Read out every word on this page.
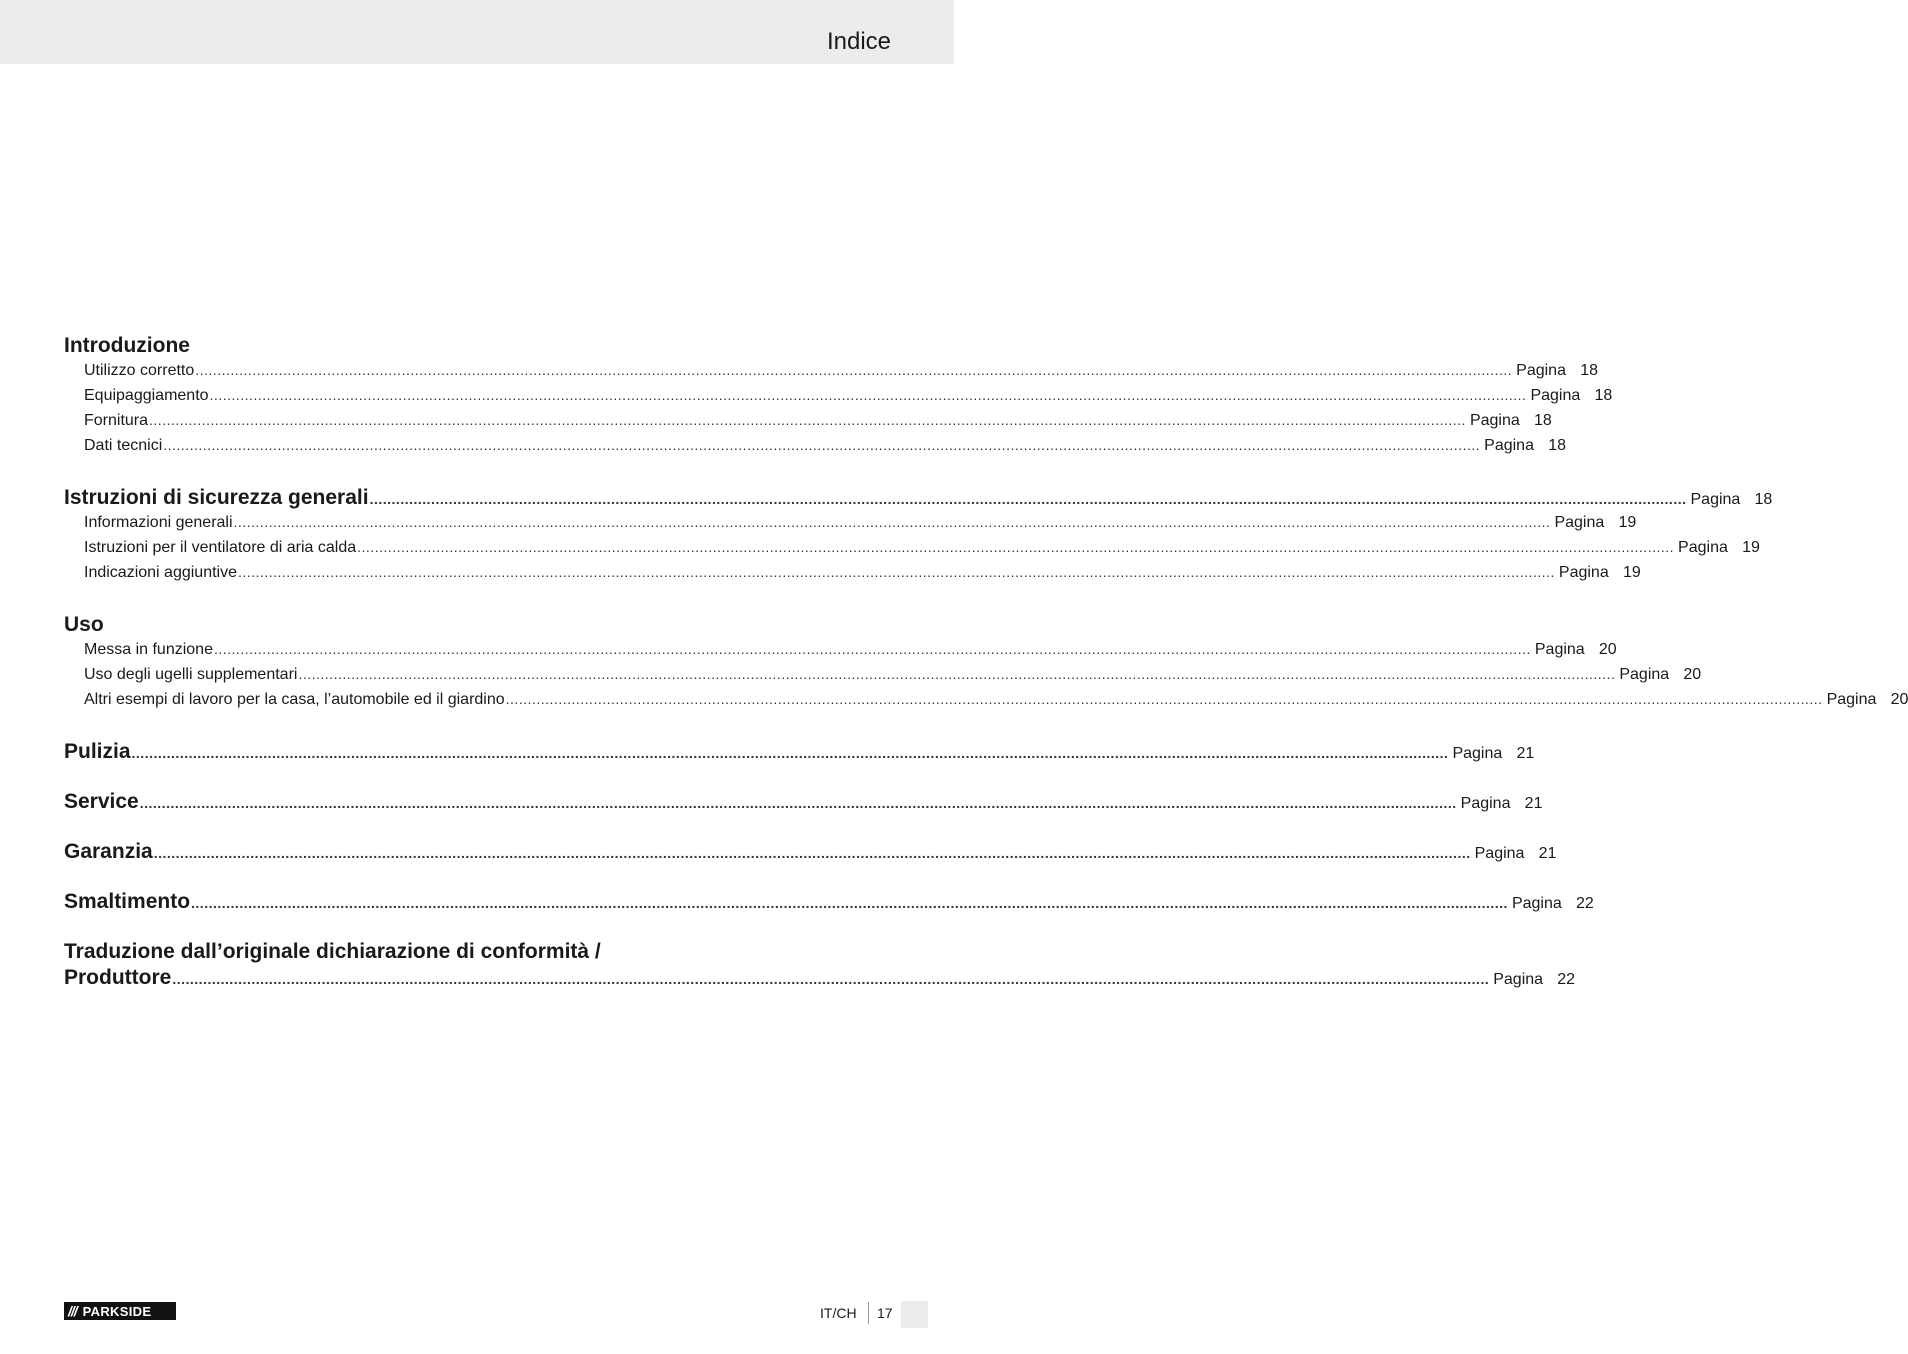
Indice
Introduzione
Utilizzo corretto ............................................................................................................................................................................................................................................................................................................ Pagina 18
Equipaggiamento ............................................................................................................................................................................................................................................................................................................ Pagina 18
Fornitura ............................................................................................................................................................................................................................................................................................................ Pagina 18
Dati tecnici ............................................................................................................................................................................................................................................................................................................ Pagina 18
Istruzioni di sicurezza generali ............................................................................................................................................................................................................................................................................................................ Pagina 18
Informazioni generali ............................................................................................................................................................................................................................................................................................................ Pagina 19
Istruzioni per il ventilatore di aria calda ............................................................................................................................................................................................................................................................................................................ Pagina 19
Indicazioni aggiuntive ............................................................................................................................................................................................................................................................................................................ Pagina 19
Uso
Messa in funzione ............................................................................................................................................................................................................................................................................................................ Pagina 20
Uso degli ugelli supplementari ............................................................................................................................................................................................................................................................................................................ Pagina 20
Altri esempi di lavoro per la casa, l’automobile ed il giardino ............................................................................................................................................................................................................................................................................................................ Pagina 20
Pulizia ............................................................................................................................................................................................................................................................................................................ Pagina 21
Service ............................................................................................................................................................................................................................................................................................................ Pagina 21
Garanzia ............................................................................................................................................................................................................................................................................................................ Pagina 21
Smaltimento ............................................................................................................................................................................................................................................................................................................ Pagina 22
Traduzione dall’originale dichiarazione di conformità /
Produttore ............................................................................................................................................................................................................................................................................................................ Pagina 22
/// PARKSIDE	IT/CH 17
